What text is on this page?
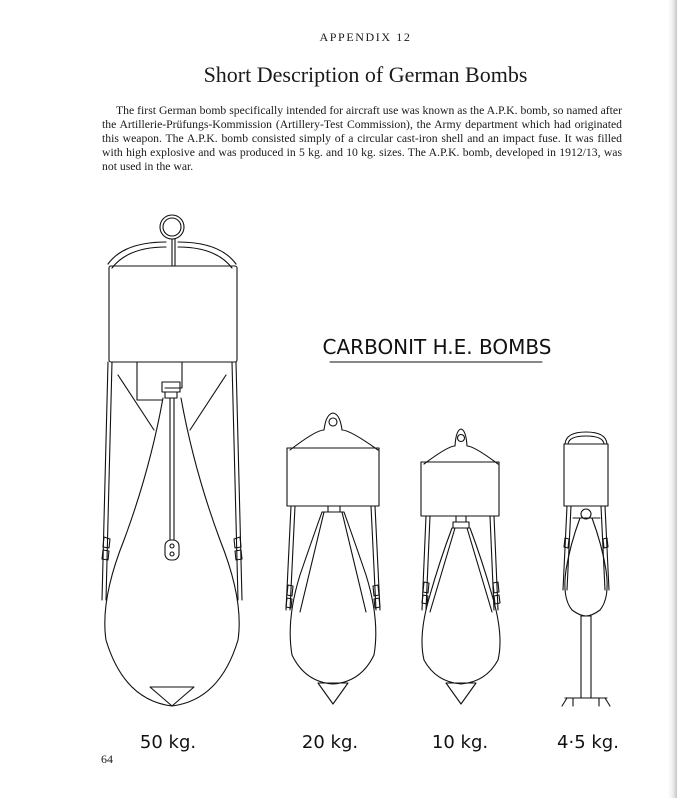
APPENDIX 12
Short Description of German Bombs
The first German bomb specifically intended for aircraft use was known as the A.P.K. bomb, so named after the Artillerie-Prüfungs-Kommission (Artillery-Test Commission), the Army department which had originated this weapon. The A.P.K. bomb consisted simply of a circular cast-iron shell and an impact fuse. It was filled with high explosive and was produced in 5 kg. and 10 kg. sizes. The A.P.K. bomb, developed in 1912/13, was not used in the war.
CARBONIT H.E. BOMBS
50 kg.	20 kg.	10 kg.	4·5 kg.
64
